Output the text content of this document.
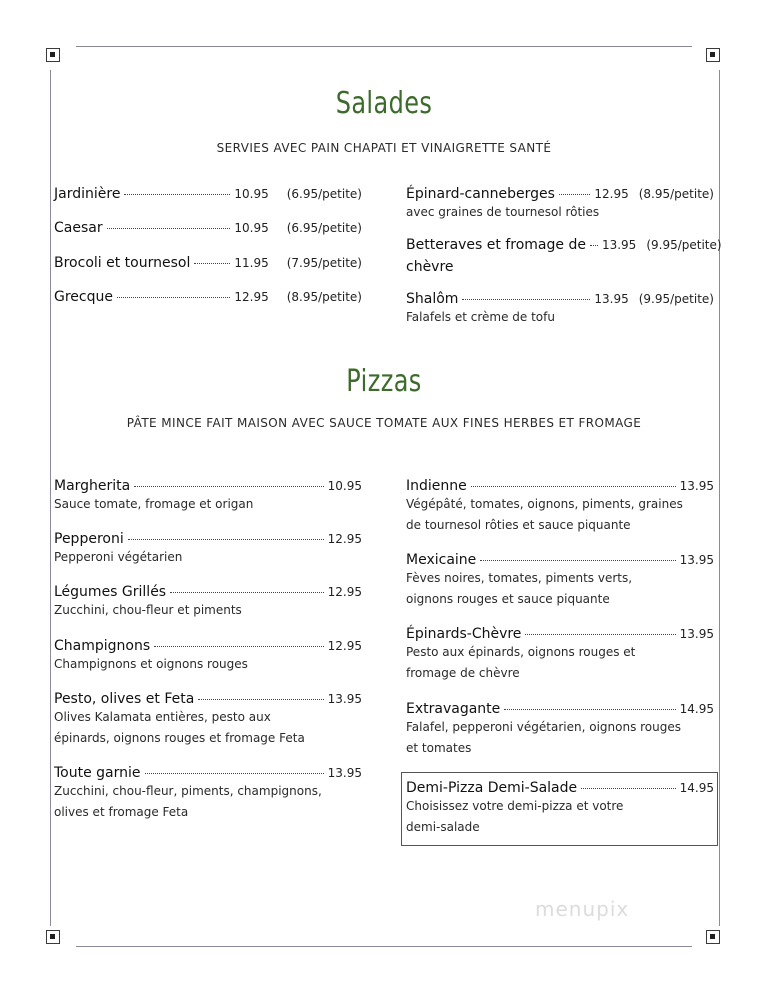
Salades
SERVIES AVEC PAIN CHAPATI ET VINAIGRETTE SANTÉ
Jardinière	10.95 (6.95/petite)
Caesar	10.95 (6.95/petite)
Brocoli et tournesol	11.95 (7.95/petite)
Grecque	12.95 (8.95/petite)
Épinard-canneberges	12.95 (8.95/petite)
avec graines de tournesol rôties
Betteraves et fromage de 13.95 (9.95/petite)
chèvre
Shalôm	13.95 (9.95/petite)
Falafels et crème de tofu
Pizzas
PÂTE MINCE FAIT MAISON AVEC SAUCE TOMATE AUX FINES HERBES ET FROMAGE
Margherita	10.95
Sauce tomate, fromage et origan
Pepperoni	12.95
Pepperoni végétarien
Légumes Grillés	12.95
Zucchini, chou-fleur et piments
Champignons	12.95
Champignons et oignons rouges
Pesto, olives et Feta	13.95
Olives Kalamata entières, pesto aux
épinards, oignons rouges et fromage Feta
Toute garnie	13.95
Zucchini, chou-fleur, piments, champignons,
olives et fromage Feta
Indienne	13.95
Végépâté, tomates, oignons, piments, graines
de tournesol rôties et sauce piquante
Mexicaine	13.95
Fèves noires, tomates, piments verts,
oignons rouges et sauce piquante
Épinards-Chèvre	13.95
Pesto aux épinards, oignons rouges et
fromage de chèvre
Extravagante	14.95
Falafel, pepperoni végétarien, oignons rouges
et tomates
Demi-Pizza Demi-Salade	14.95
Choisissez votre demi-pizza et votre
demi-salade
menupix
